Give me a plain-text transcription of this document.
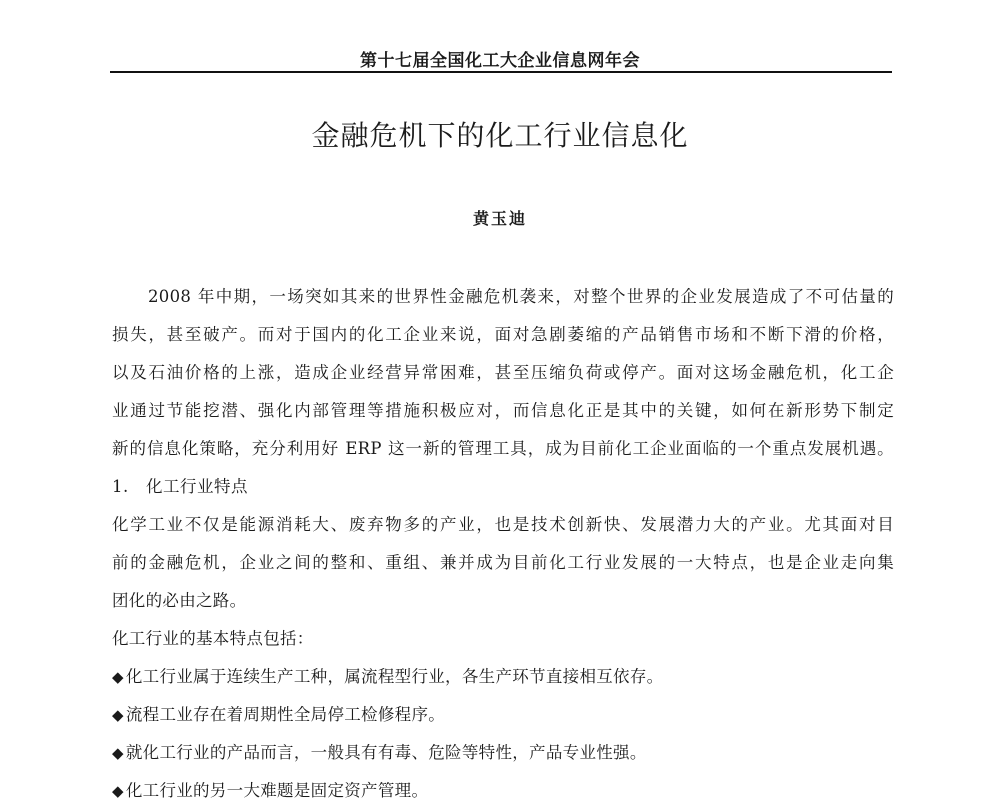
第十七届全国化工大企业信息网年会
金融危机下的化工行业信息化
黄玉迪

2008 年中期，一场突如其来的世界性金融危机袭来，对整个世界的企业发展造成了不可估量的
损失，甚至破产。而对于国内的化工企业来说，面对急剧萎缩的产品销售市场和不断下滑的价格，
以及石油价格的上涨，造成企业经营异常困难，甚至压缩负荷或停产。面对这场金融危机，化工企
业通过节能挖潜、强化内部管理等措施积极应对，而信息化正是其中的关键，如何在新形势下制定
新的信息化策略，充分利用好 ERP 这一新的管理工具，成为目前化工企业面临的一个重点发展机遇。

1. 化工行业特点

化学工业不仅是能源消耗大、废弃物多的产业，也是技术创新快、发展潜力大的产业。尤其面对目
前的金融危机，企业之间的整和、重组、兼并成为目前化工行业发展的一大特点，也是企业走向集
团化的必由之路。

化工行业的基本特点包括：
◆ 化工行业属于连续生产工种，属流程型行业，各生产环节直接相互依存。
◆ 流程工业存在着周期性全局停工检修程序。
◆ 就化工行业的产品而言，一般具有有毒、危险等特性，产品专业性强。
◆ 化工行业的另一大难题是固定资产管理。
